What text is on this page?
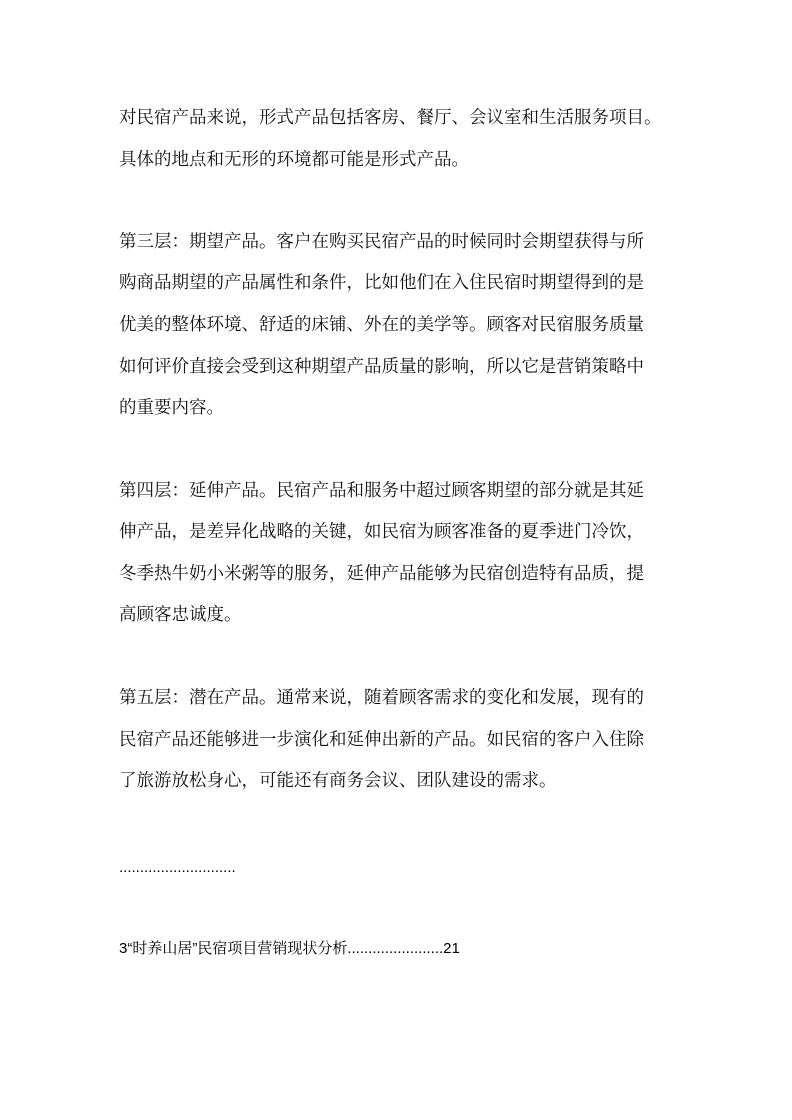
对民宿产品来说，形式产品包括客房、餐厅、会议室和生活服务项目。
具体的地点和无形的环境都可能是形式产品。
第三层：期望产品。客户在购买民宿产品的时候同时会期望获得与所
购商品期望的产品属性和条件，比如他们在入住民宿时期望得到的是
优美的整体环境、舒适的床铺、外在的美学等。顾客对民宿服务质量
如何评价直接会受到这种期望产品质量的影响，所以它是营销策略中
的重要内容。
第四层：延伸产品。民宿产品和服务中超过顾客期望的部分就是其延
伸产品，是差异化战略的关键，如民宿为顾客准备的夏季进门冷饮，
冬季热牛奶小米粥等的服务，延伸产品能够为民宿创造特有品质，提
高顾客忠诚度。
第五层：潜在产品。通常来说，随着顾客需求的变化和发展，现有的
民宿产品还能够进一步演化和延伸出新的产品。如民宿的客户入住除
了旅游放松身心，可能还有商务会议、团队建设的需求。
............................
3“时养山居”民宿项目营销现状分析.......................21
